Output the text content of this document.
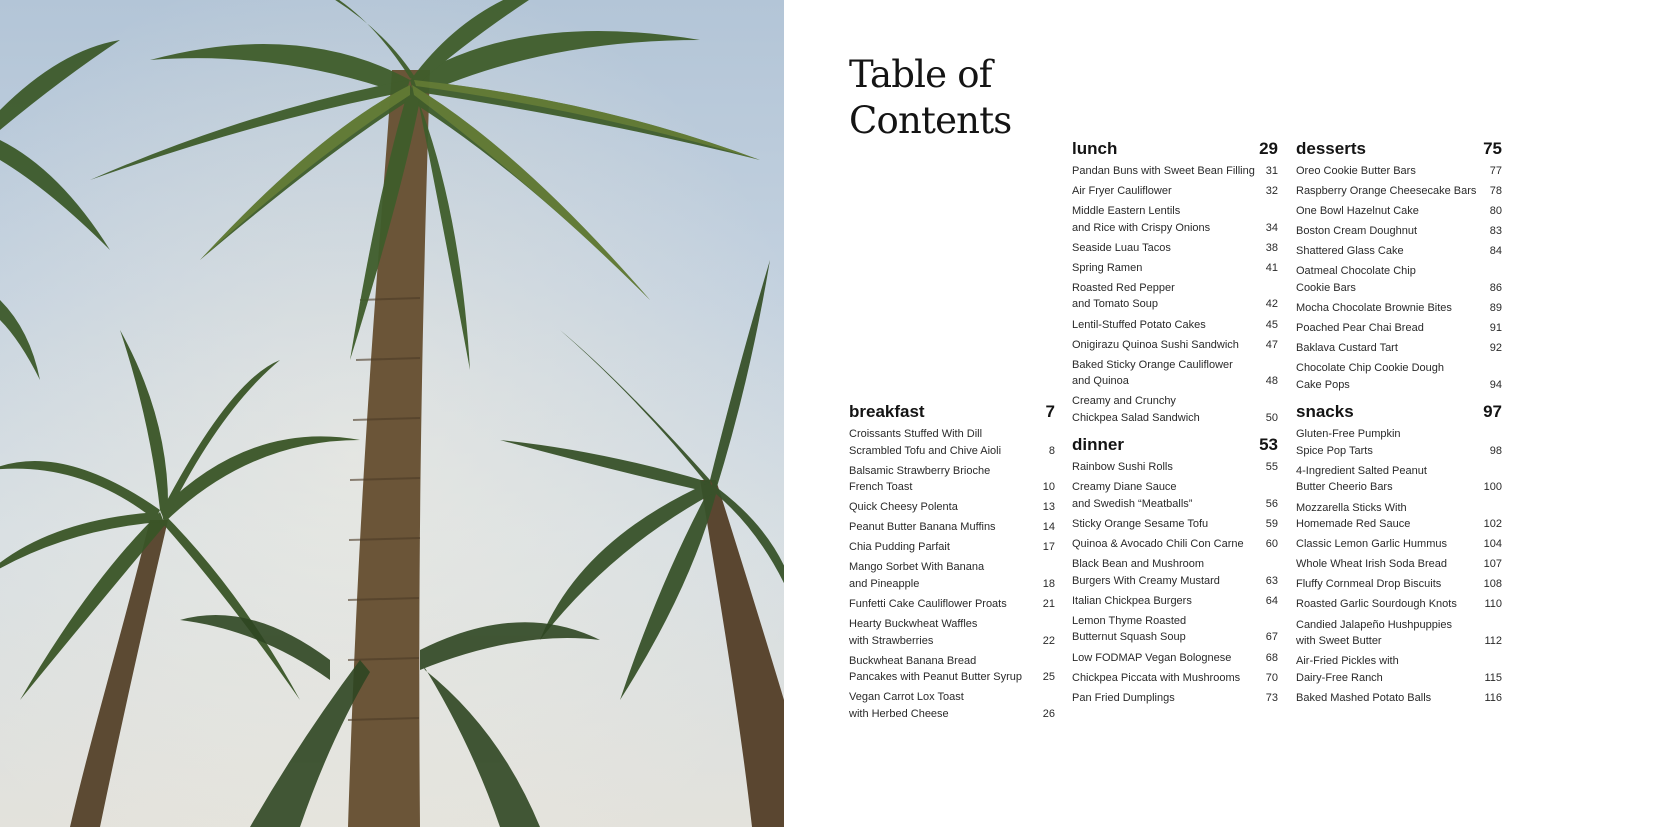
Table of
Contents
breakfast	7
Croissants Stuffed With Dill
Scrambled Tofu and Chive Aioli	8
Balsamic Strawberry Brioche
French Toast	10
Quick Cheesy Polenta	13
Peanut Butter Banana Muffins	14
Chia Pudding Parfait	17
Mango Sorbet With Banana
and Pineapple	18
Funfetti Cake Cauliflower Proats	21
Hearty Buckwheat Waffles
with Strawberries	22
Buckwheat Banana Bread
Pancakes with Peanut Butter Syrup	25
Vegan Carrot Lox Toast
with Herbed Cheese	26
lunch	29
Pandan Buns with Sweet Bean Filling 31
Air Fryer Cauliflower	32
Middle Eastern Lentils
and Rice with Crispy Onions	34
Seaside Luau Tacos	38
Spring Ramen	41
Roasted Red Pepper
and Tomato Soup	42
Lentil-Stuffed Potato Cakes	45
Onigirazu Quinoa Sushi Sandwich	47
Baked Sticky Orange Cauliflower
and Quinoa	48
Creamy and Crunchy
Chickpea Salad Sandwich	50
dinner	53
Rainbow Sushi Rolls	55
Creamy Diane Sauce
and Swedish “Meatballs”	56
Sticky Orange Sesame Tofu	59
Quinoa & Avocado Chili Con Carne	60
Black Bean and Mushroom
Burgers With Creamy Mustard	63
Italian Chickpea Burgers	64
Lemon Thyme Roasted
Butternut Squash Soup	67
Low FODMAP Vegan Bolognese	68
Chickpea Piccata with Mushrooms	70
Pan Fried Dumplings	73
desserts	75
Oreo Cookie Butter Bars	77
Raspberry Orange Cheesecake Bars	78
One Bowl Hazelnut Cake	80
Boston Cream Doughnut	83
Shattered Glass Cake	84
Oatmeal Chocolate Chip
Cookie Bars	86
Mocha Chocolate Brownie Bites	89
Poached Pear Chai Bread	91
Baklava Custard Tart	92
Chocolate Chip Cookie Dough
Cake Pops	94
snacks	97
Gluten-Free Pumpkin
Spice Pop Tarts	98
4-Ingredient Salted Peanut
Butter Cheerio Bars	100
Mozzarella Sticks With
Homemade Red Sauce	102
Classic Lemon Garlic Hummus	104
Whole Wheat Irish Soda Bread	107
Fluffy Cornmeal Drop Biscuits	108
Roasted Garlic Sourdough Knots	110
Candied Jalapeño Hushpuppies
with Sweet Butter	112
Air-Fried Pickles with
Dairy-Free Ranch	115
Baked Mashed Potato Balls	116
